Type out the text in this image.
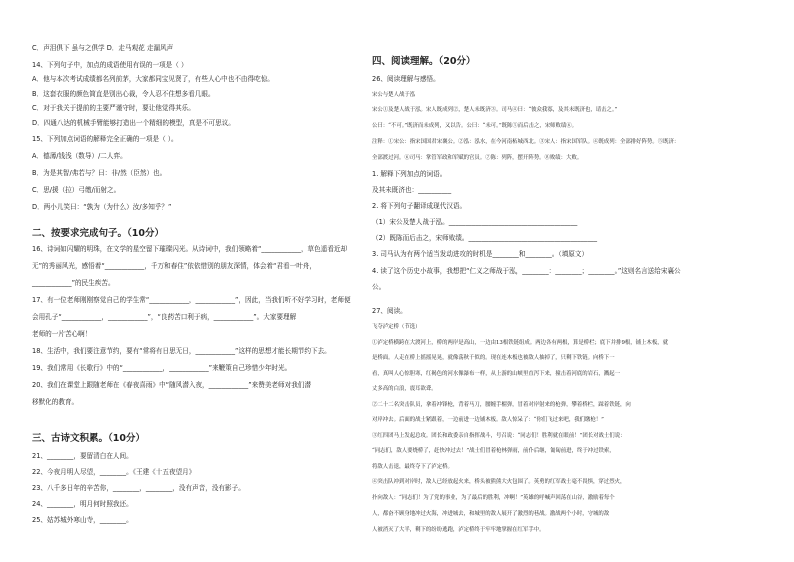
二、按要求完成句子。（10分）
三、古诗文积累。（10分）
C．声泪俱下 虽与之俱学 D．走马观花 走漏风声
14、下列句子中，加点的成语使用有误的一项是（ ）
A．他与本次考试成绩都名列前茅，大家都同宝见贤了，有些人心中也不由得吃惊。
B．这套衣服的颜色简直是别出心裁，令人忍不住想多看几眼。
C．对于我关于提前的主要严谨守时，要让他觉得其乐。
D．四通八达的机械手臂能够打造出一个精细的模型，真是不可思议。
15、下列加点词语的解释完全正确的一项是（ ）。
A．德薄/钱浅（数导）/二人弈。
B．为是其智/弗若与？曰：非/然（臣然）也。
C．思/援（拉）弓缴/而射之。
D．两小儿笑曰：“孰为（为什么）汝/多知乎？”
16、诗词如闪耀的明珠，在文学的星空留下璀璨闪光。从诗词中，我们领略着“____________，草色遥看近却
无”的秀丽风光，感悟着“____________，千万和春住”依依惜别的朋友深情，体会着“君看一叶舟，
____________”的民生疾苦。
17、有一位老师刚刚察觉自己的学生常“____________，____________”，因此，当我们听不好学习时，老师便
会用孔子“____________，____________”，“良药苦口利于病，____________”。大家要理解
老师的一片苦心啊！
18、生活中，我们要注意节约，要有“常将有日思无日，____________”这样的思想才能长期节约下去。
19、我们常用《长歌行》中的“____________，____________”来鞭策自己珍惜少年时光。
20、我们在课堂上跟随老师在《春夜喜雨》中“随风潜入夜，____________”来赞美老师对我们潜
移默化的教育。
21、________，要留清白在人间。
22、今夜月明人尽望，________。《王建《十五夜望月》
23、八千多日年的辛苦你，________，________，没有声音，没有影子。
24、________，明月何时照我还。
25、姑苏城外寒山寺，________。
四、阅读理解。（20分）
26、阅读理解与感悟。
宋公与楚人战于泓
宋公①及楚人战于泓。宋人既成列②，楚人未既济③。司马④曰：“彼众我寡，及其未既济也，请击之。”
公曰：“不可。”既济而未成列，又以告。公曰：“未可。”既陈⑤而后击之，宋师败绩⑥。
注释：①宋公：指宋国国君宋襄公。②泓：泓水，在今河南柘城西北。③宋人：指宋国军队。④既成列：全部排好阵势。⑤既济：
全部渡过河。⑥司马：掌管军政和军赋的官员。⑦陈：列阵，摆开阵势。⑧败绩：大败。
1. 解释下列加点的词语。
及其未既济也：__________
2. 将下列句子翻译成现代汉语。
（1）宋公及楚人战于泓。_______________________________________
（2）既陈而后击之，宋师败绩。_______________________________________
3. 司马认为有两个适当发动进攻的时机是________和________。（填原文）
4. 读了这个历史小故事，我想把“仁义之师战于泓，________：________；________。”这则名言送给宋襄公
公。
27、阅读。
飞夺泸定桥（节选）
①泸定桥横跨在大渡河上，桥的两岸是高山，一边由13根铁链组成。两边各有两根，算是桥栏；底下并排9根，铺上木板，就
是桥面。人走在桥上摇摇晃晃，就像荡秋千似的。现在连木板也被敌人抽掉了，只剩下铁链。向桥下一
看，真叫人心惊胆寒，红褐色的河水像瀑布一样，从上游的山峡里直泻下来，撞击着河底的岩石，溅起一
丈多高的白浪，震耳欲聋。
②二十二名突击队员，拿着冲锋枪，背着马刀，腰缠手榴弹，冒着对岸射来的枪弹，攀着桥栏，踩着铁链，向
对岸冲去。后面的战士紧跟着，一边前进一边铺木板。敌人惊呆了：“你们飞过来吧，我们缴枪！”
③红四团马上发起总攻。团长和政委亲自指挥战斗，号召说：“同志们！胜利就在眼前！”团长对战士们说：
“同志们，敌人要烧桥了，赶快冲过去！”战士们冒着枪林弹雨，前仆后继，匍匐前进，终于冲过铁索，
将敌人击退，最终夺下了泸定桥。
④突击队冲到对岸时，敌人已经放起火来，桥头被熊熊大火包围了。英勇的红军战士毫不畏惧，穿过烈火，
扑向敌人：“同志们！为了党的事业，为了最后的胜利，冲啊！”英雄的呼喊声回荡在山谷，激励着每个
人，都奋不顾身地冲过火海，冲进城去，和城里的敌人展开了激烈的巷战。激战两个小时，守城的敌
人被消灭了大半，剩下的纷纷逃跑，泸定桥终于牢牢地掌握在红军手中。
